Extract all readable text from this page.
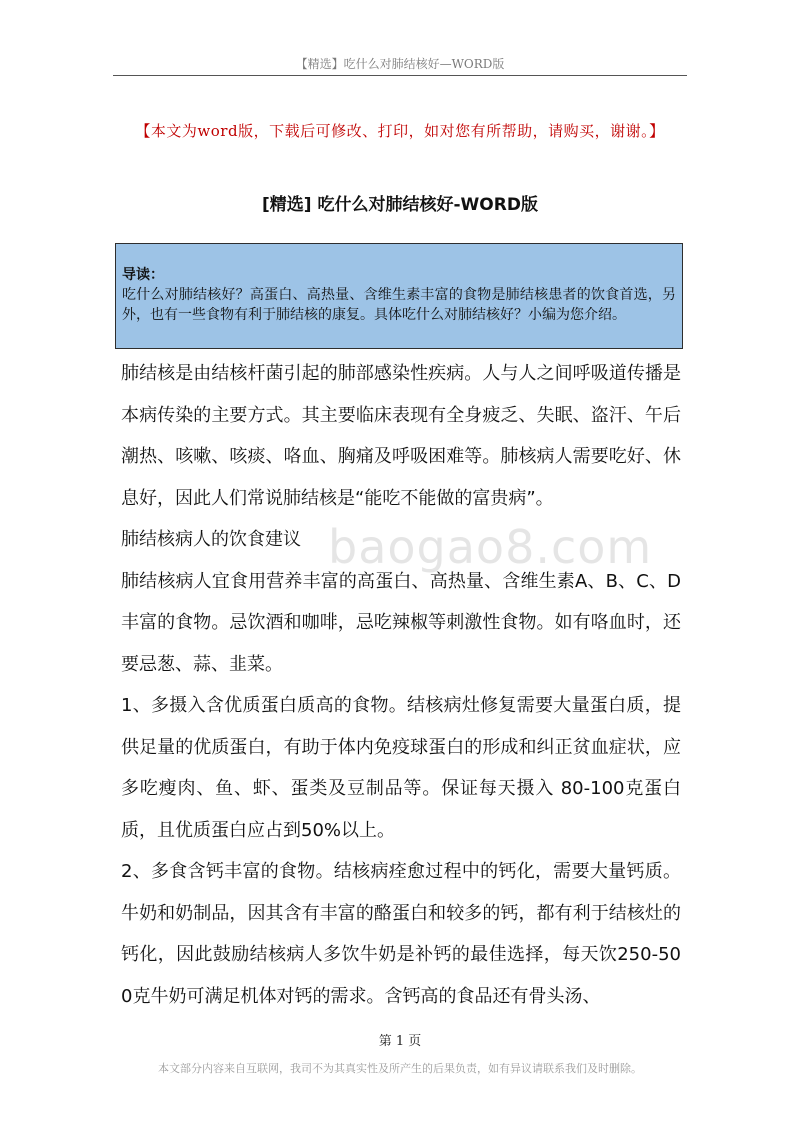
【精选】吃什么对肺结核好—WORD版
【本文为word版，下载后可修改、打印，如对您有所帮助，请购买，谢谢。】
[精选] 吃什么对肺结核好-WORD版
导读：
吃什么对肺结核好？高蛋白、高热量、含维生素丰富的食物是肺结核患者的饮食首选，另外，也有一些食物有利于肺结核的康复。具体吃什么对肺结核好？小编为您介绍。

肺结核是由结核杆菌引起的肺部感染性疾病。人与人之间呼吸道传播是本病传染的主要方式。其主要临床表现有全身疲乏、失眠、盗汗、午后潮热、咳嗽、咳痰、咯血、胸痛及呼吸困难等。肺核病人需要吃好、休息好，因此人们常说肺结核是“能吃不能做的富贵病”。

肺结核病人的饮食建议

肺结核病人宜食用营养丰富的高蛋白、高热量、含维生素A、B、C、D丰富的食物。忌饮酒和咖啡，忌吃辣椒等刺激性食物。如有咯血时，还要忌葱、蒜、韭菜。

1、多摄入含优质蛋白质高的食物。结核病灶修复需要大量蛋白质，提供足量的优质蛋白，有助于体内免疫球蛋白的形成和纠正贫血症状，应多吃瘦肉、鱼、虾、蛋类及豆制品等。保证每天摄入 80-100克蛋白质，且优质蛋白应占到50%以上。

2、多食含钙丰富的食物。结核病痊愈过程中的钙化，需要大量钙质。牛奶和奶制品，因其含有丰富的酪蛋白和较多的钙，都有利于结核灶的钙化，因此鼓励结核病人多饮牛奶是补钙的最佳选择，每天饮250-500克牛奶可满足机体对钙的需求。含钙高的食品还有骨头汤、

baogao8.com
第 1 页
本文部分内容来自互联网，我司不为其真实性及所产生的后果负责，如有异议请联系我们及时删除。
